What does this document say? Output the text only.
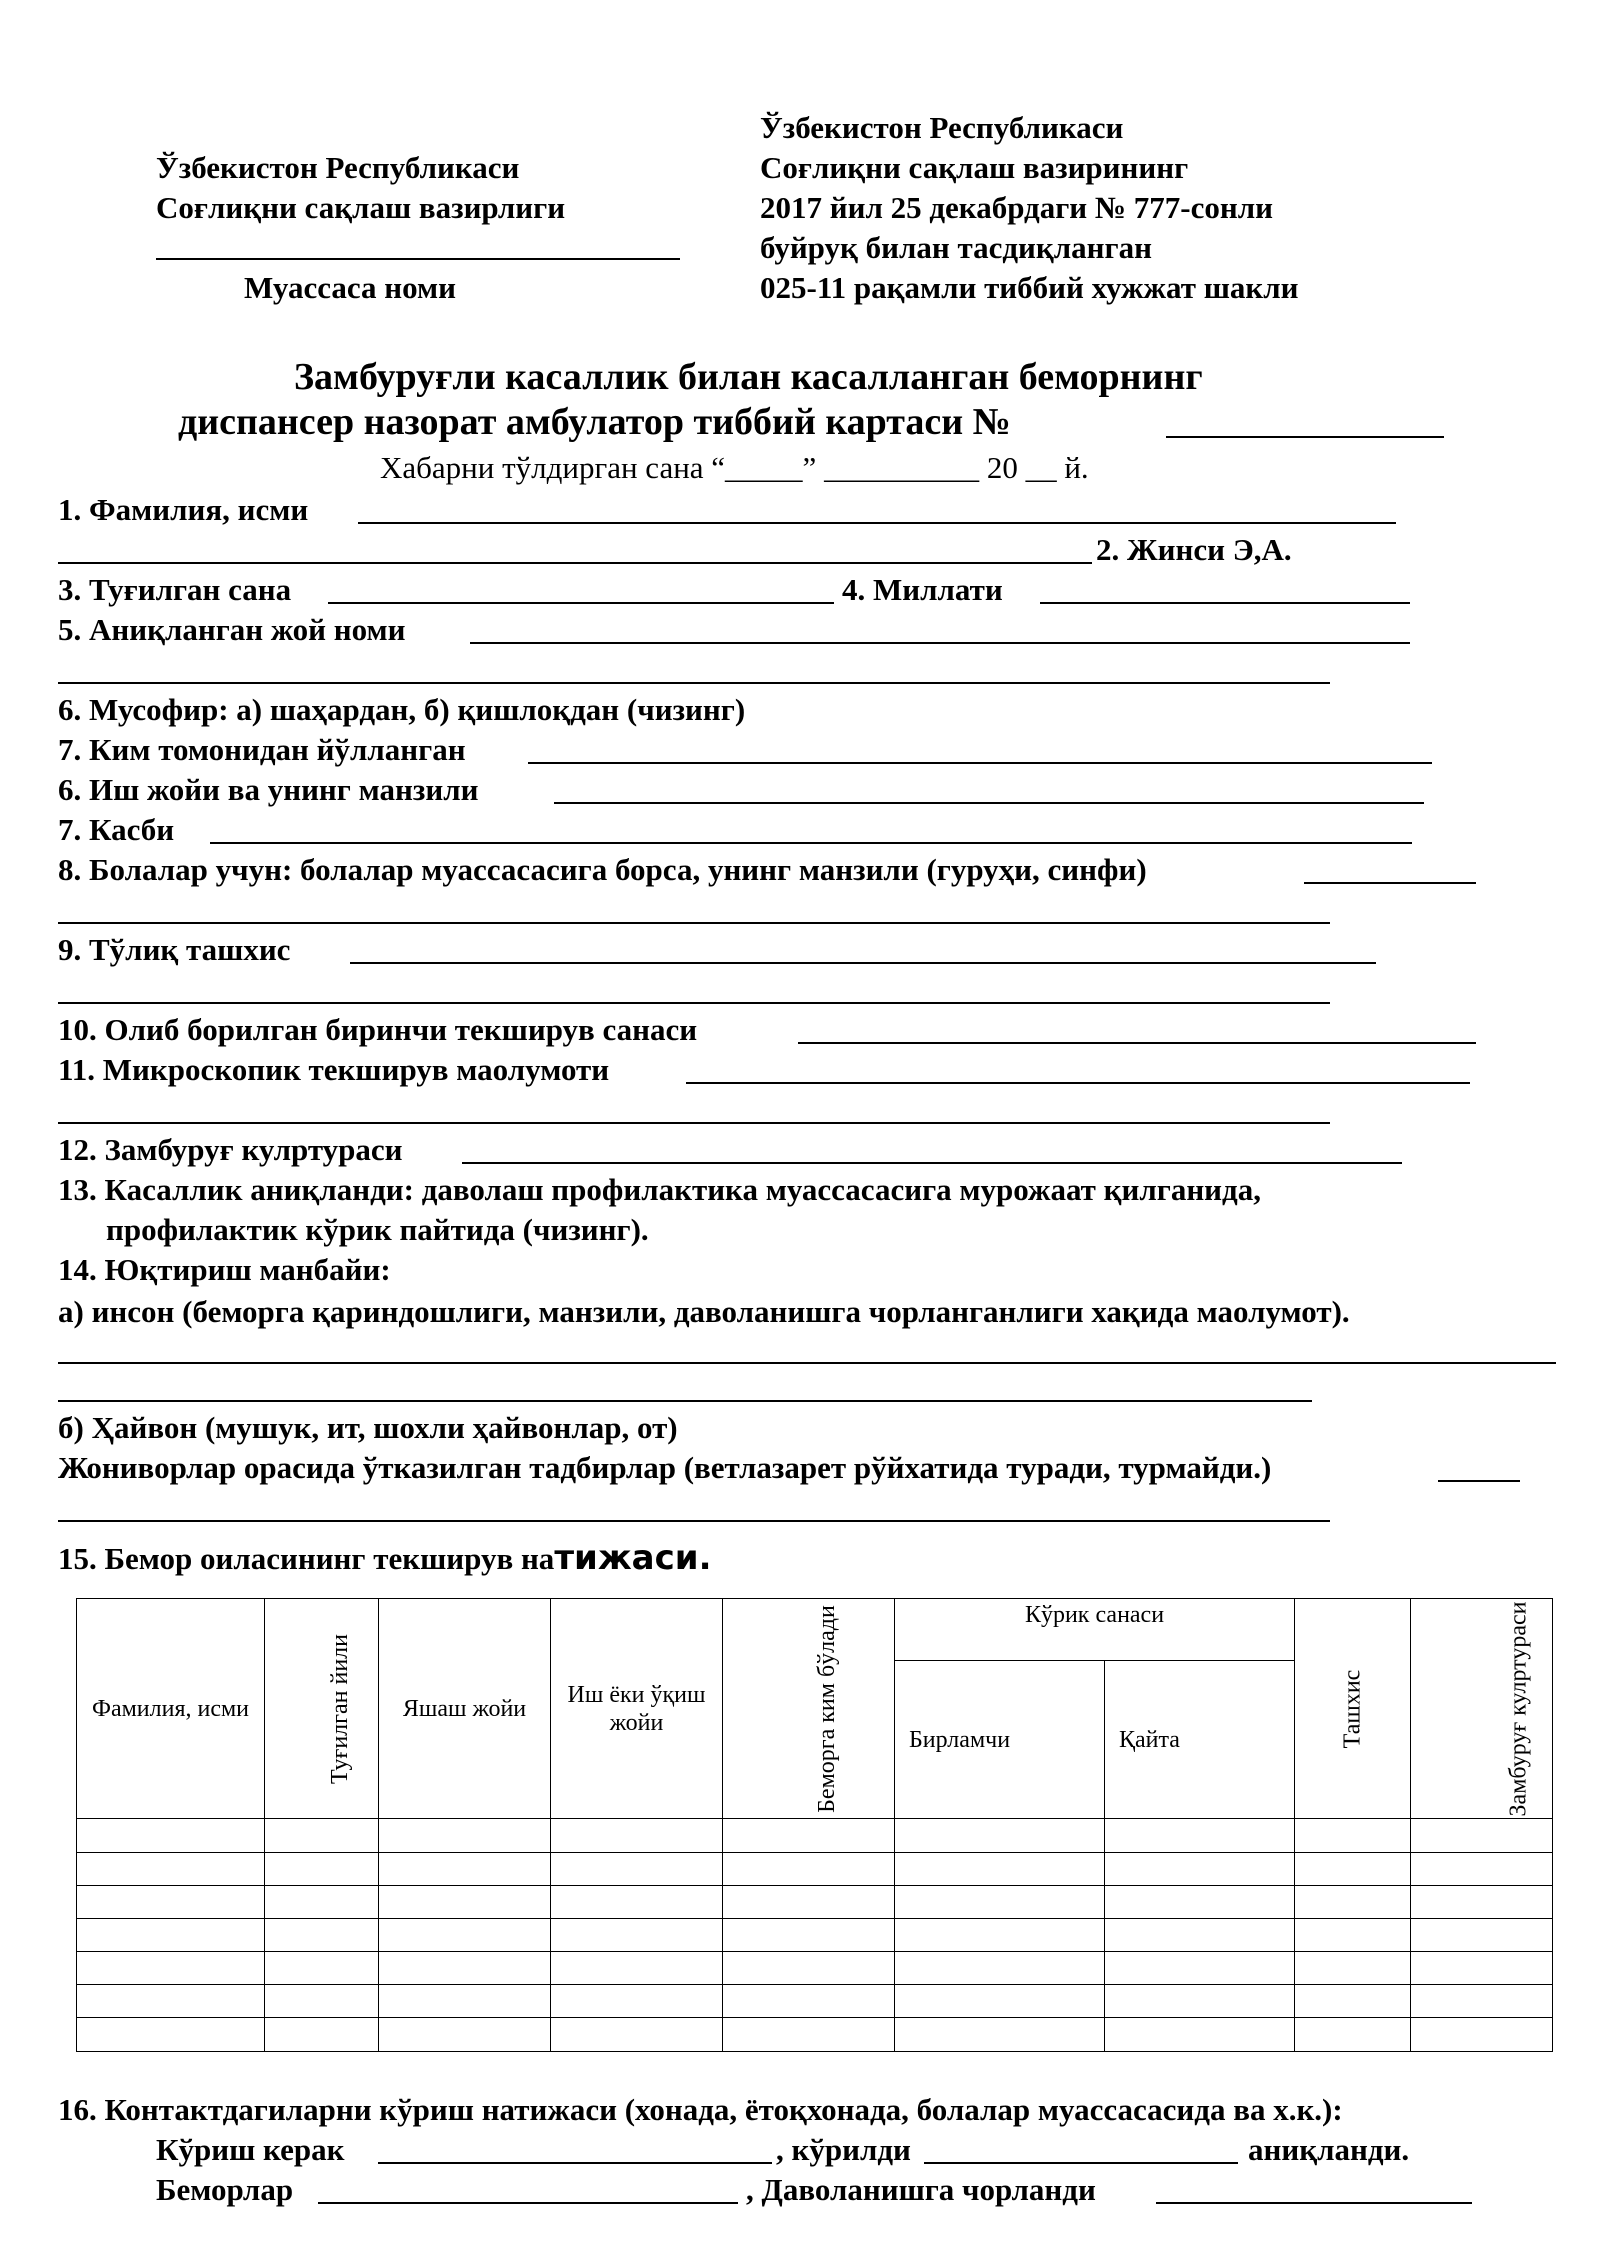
Ўзбекистон Республикаси
Соғлиқни сақлаш вазирлиги
Муассаса номи
Ўзбекистон Республикаси
Соғлиқни сақлаш вазирининг
2017 йил 25 декабрдаги № 777-сонли
буйруқ билан тасдиқланган
025-11 рақамли тиббий хужжат шакли
Замбуруғли касаллик билан касалланган беморнинг
диспансер назорат амбулатор тиббий картаси №
Хабарни тўлдирган сана “_____” __________ 20 __ й.
1. Фамилия, исми
2. Жинси Э,А.
3. Туғилган сана	4. Миллати
5. Аниқланган жой номи
6. Мусофир: а) шаҳардан, б) қишлоқдан (чизинг)
7. Ким томонидан йўлланган
6. Иш жойи ва унинг манзили
7. Касби
8. Болалар учун: болалар муассасасига борса, унинг манзили (гуруҳи, синфи)
9. Тўлиқ ташхис
10. Олиб борилган биринчи текширув санаси
11. Микроскопик текширув маолумоти
12. Замбуруғ кулртураси
13. Касаллик аниқланди: даволаш профилактика муассасасига мурожаат қилганида,
профилактик кўрик пайтида (чизинг).
14. Юқтириш манбайи:
а) инсон (беморга қариндошлиги, манзили, даволанишга чорланганлиги хақида маолумот).
б) Ҳайвон (мушук, ит, шохли ҳайвонлар, от)
Жониворлар орасида ўтказилган тадбирлар (ветлазарет рўйхатида туради, турмайди.)
15. Бемор оиласининг текширув натижаси.
Фамилия, исми	Туғилган йили	Яшаш жойи	Иш ёки ўқиш жойи	Беморга ким бўлади	Кўрик санаси		Ташхис	Замбуруғ кулртураси
					Бирламчи	Қайта		

16. Контактдагиларни кўриш натижаси (хонада, ётоқхонада, болалар муассасасида ва х.к.):
Кўриш керак	, кўрилди	аниқланди.
Беморлар	, Даволанишга чорланди
